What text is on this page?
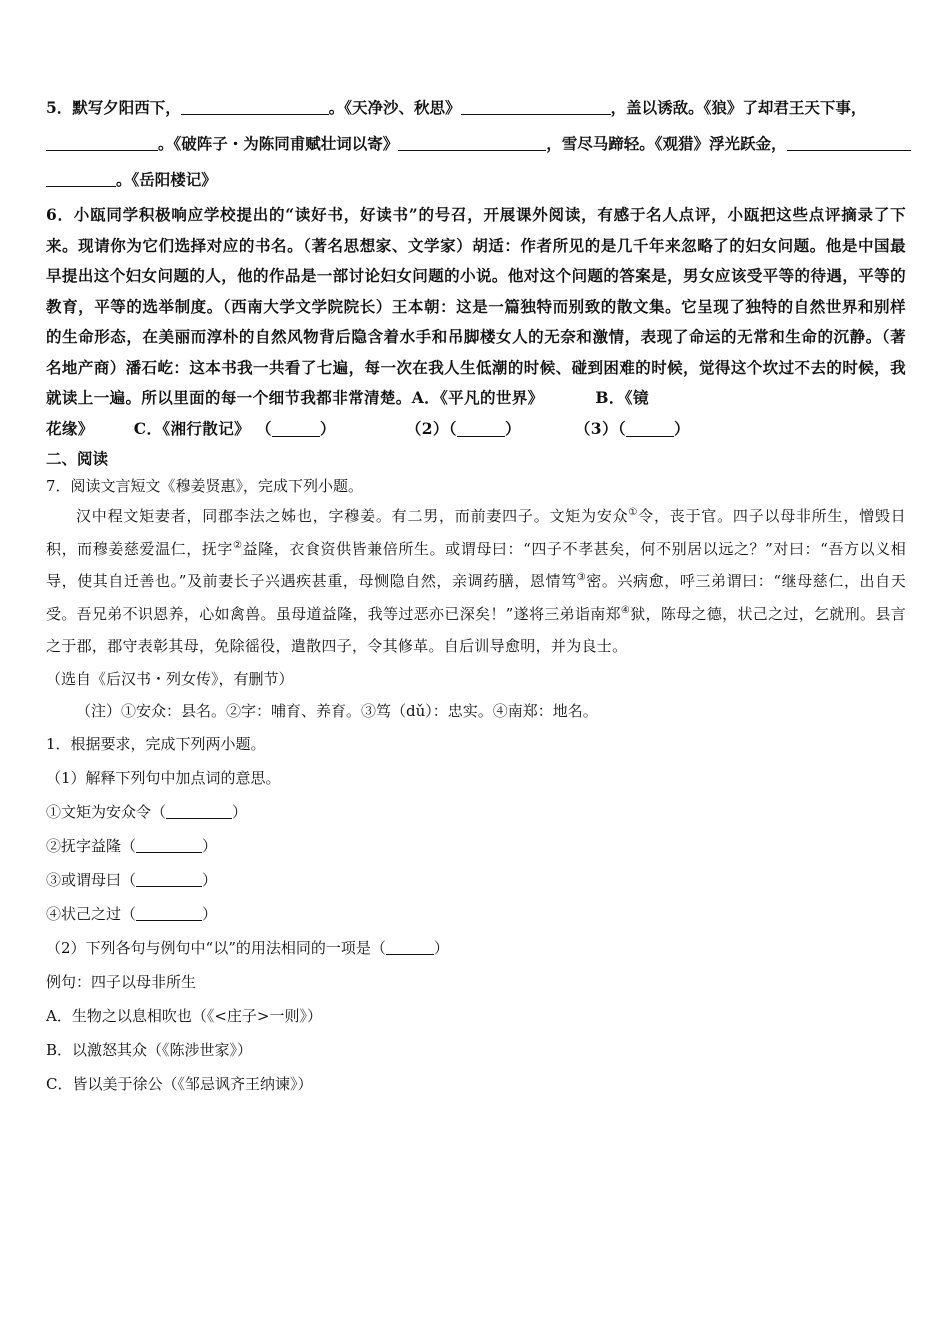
5．默写夕阳西下，	。《天净沙、秋思》	，盖以诱敌。《狼》了却君王天下事，
。《破阵子・为陈同甫赋壮词以寄》	，雪尽马蹄轻。《观猎》浮光跃金，
。《岳阳楼记》
6．小瓯同学积极响应学校提出的“读好书，好读书”的号召，开展课外阅读，有感于名人点评，小瓯把这些点评摘录了下来。现请你为它们选择对应的书名。（著名思想家、文学家）胡适：作者所见的是几千年来忽略了的妇女问题。他是中国最早提出这个妇女问题的人，他的作品是一部讨论妇女问题的小说。他对这个问题的答案是，男女应该受平等的待遇，平等的教育，平等的选举制度。（西南大学文学院院长）王本朝：这是一篇独特而别致的散文集。它呈现了独特的自然世界和别样的生命形态，在美丽而淳朴的自然风物背后隐含着水手和吊脚楼女人的无奈和激情，表现了命运的无常和生命的沉静。（著名地产商）潘石屹：这本书我一共看了七遍，每一次在我人生低潮的时候、碰到困难的时候，觉得这个坎过不去的时候，我就读上一遍。所以里面的每一个细节我都非常清楚。A．《平凡的世界》	B．《镜
花缘》	C．《湘行散记》 （	）	（2）（	）	（3）（	）
二、阅读
7．阅读文言短文《穆姜贤惠》，完成下列小题。
汉中程文矩妻者，同郡李法之姊也，字穆姜。有二男，而前妻四子。文矩为安众①令，丧于官。四子以母非所生，憎毁日积，而穆姜慈爱温仁，抚字②益隆，衣食资供皆兼倍所生。或谓母曰：“四子不孝甚矣，何不别居以远之？”对曰：“吾方以义相导，使其自迁善也。”及前妻长子兴遇疾甚重，母恻隐自然，亲调药膳，恩情笃③密。兴病愈，呼三弟谓曰：“继母慈仁，出自天受。吾兄弟不识恩养，心如禽兽。虽母道益隆，我等过恶亦已深矣！”遂将三弟诣南郑④狱，陈母之德，状己之过，乞就刑。县言之于郡，郡守表彰其母，免除徭役，遣散四子，令其修革。自后训导愈明，并为良士。
（选自《后汉书・列女传》，有删节）
（注）①安众：县名。②字：哺育、养育。③笃（dǔ）：忠实。④南郑：地名。
1．根据要求，完成下列两小题。
（1）解释下列句中加点词的意思。
①文矩为安众令（	）
②抚字益隆（	）
③或谓母曰（	）
④状己之过（	）
（2）下列各句与例句中“以”的用法相同的一项是（	）
例句：四子以母非所生
A．生物之以息相吹也（《<庄子>一则》）
B．以激怒其众（《陈涉世家》）
C．皆以美于徐公（《邹忌讽齐王纳谏》）
